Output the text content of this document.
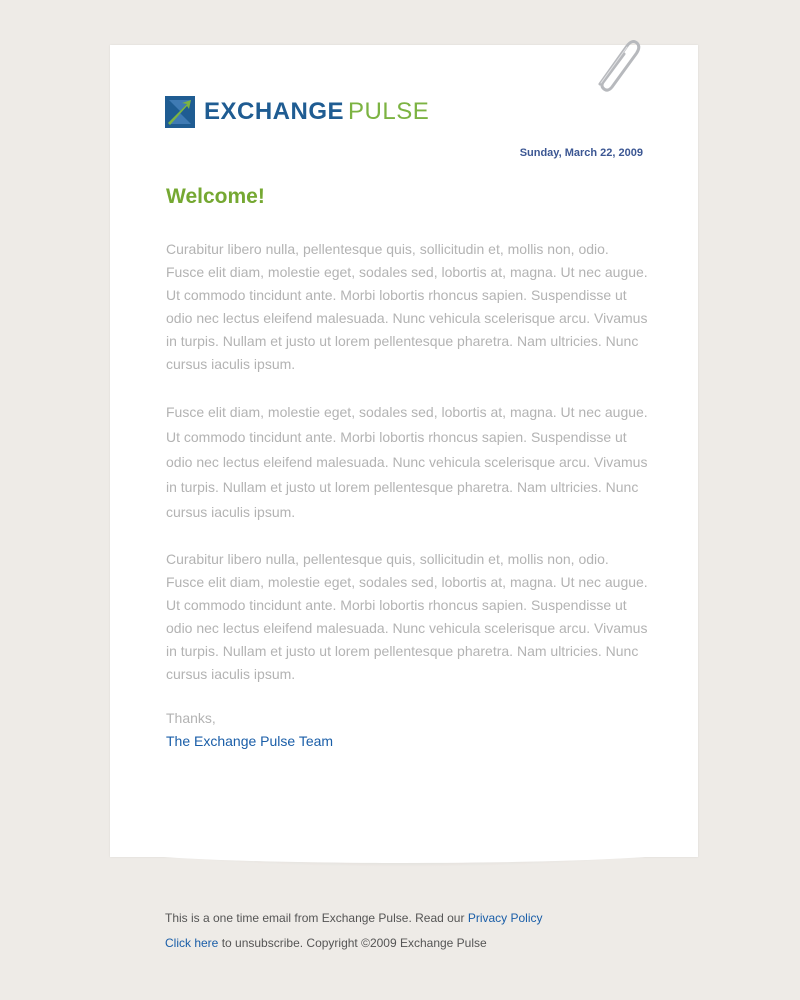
EXCHANGE PULSE
Sunday, March 22, 2009
Welcome!

Curabitur libero nulla, pellentesque quis, sollicitudin et, mollis non, odio. Fusce elit diam, molestie eget, sodales sed, lobortis at, magna. Ut nec augue. Ut commodo tincidunt ante. Morbi lobortis rhoncus sapien. Suspendisse ut odio nec lectus eleifend malesuada. Nunc vehicula scelerisque arcu. Vivamus in turpis. Nullam et justo ut lorem pellentesque pharetra. Nam ultricies. Nunc cursus iaculis ipsum.

Fusce elit diam, molestie eget, sodales sed, lobortis at, magna. Ut nec augue. Ut commodo tincidunt ante. Morbi lobortis rhoncus sapien. Suspendisse ut odio nec lectus eleifend malesuada. Nunc vehicula scelerisque arcu. Vivamus in turpis. Nullam et justo ut lorem pellentesque pharetra. Nam ultricies. Nunc cursus iaculis ipsum.

Curabitur libero nulla, pellentesque quis, sollicitudin et, mollis non, odio. Fusce elit diam, molestie eget, sodales sed, lobortis at, magna. Ut nec augue. Ut commodo tincidunt ante. Morbi lobortis rhoncus sapien. Suspendisse ut odio nec lectus eleifend malesuada. Nunc vehicula scelerisque arcu. Vivamus in turpis. Nullam et justo ut lorem pellentesque pharetra. Nam ultricies. Nunc cursus iaculis ipsum.

Thanks,
The Exchange Pulse Team
This is a one time email from Exchange Pulse. Read our Privacy Policy
Click here to unsubscribe. Copyright ©2009 Exchange Pulse
